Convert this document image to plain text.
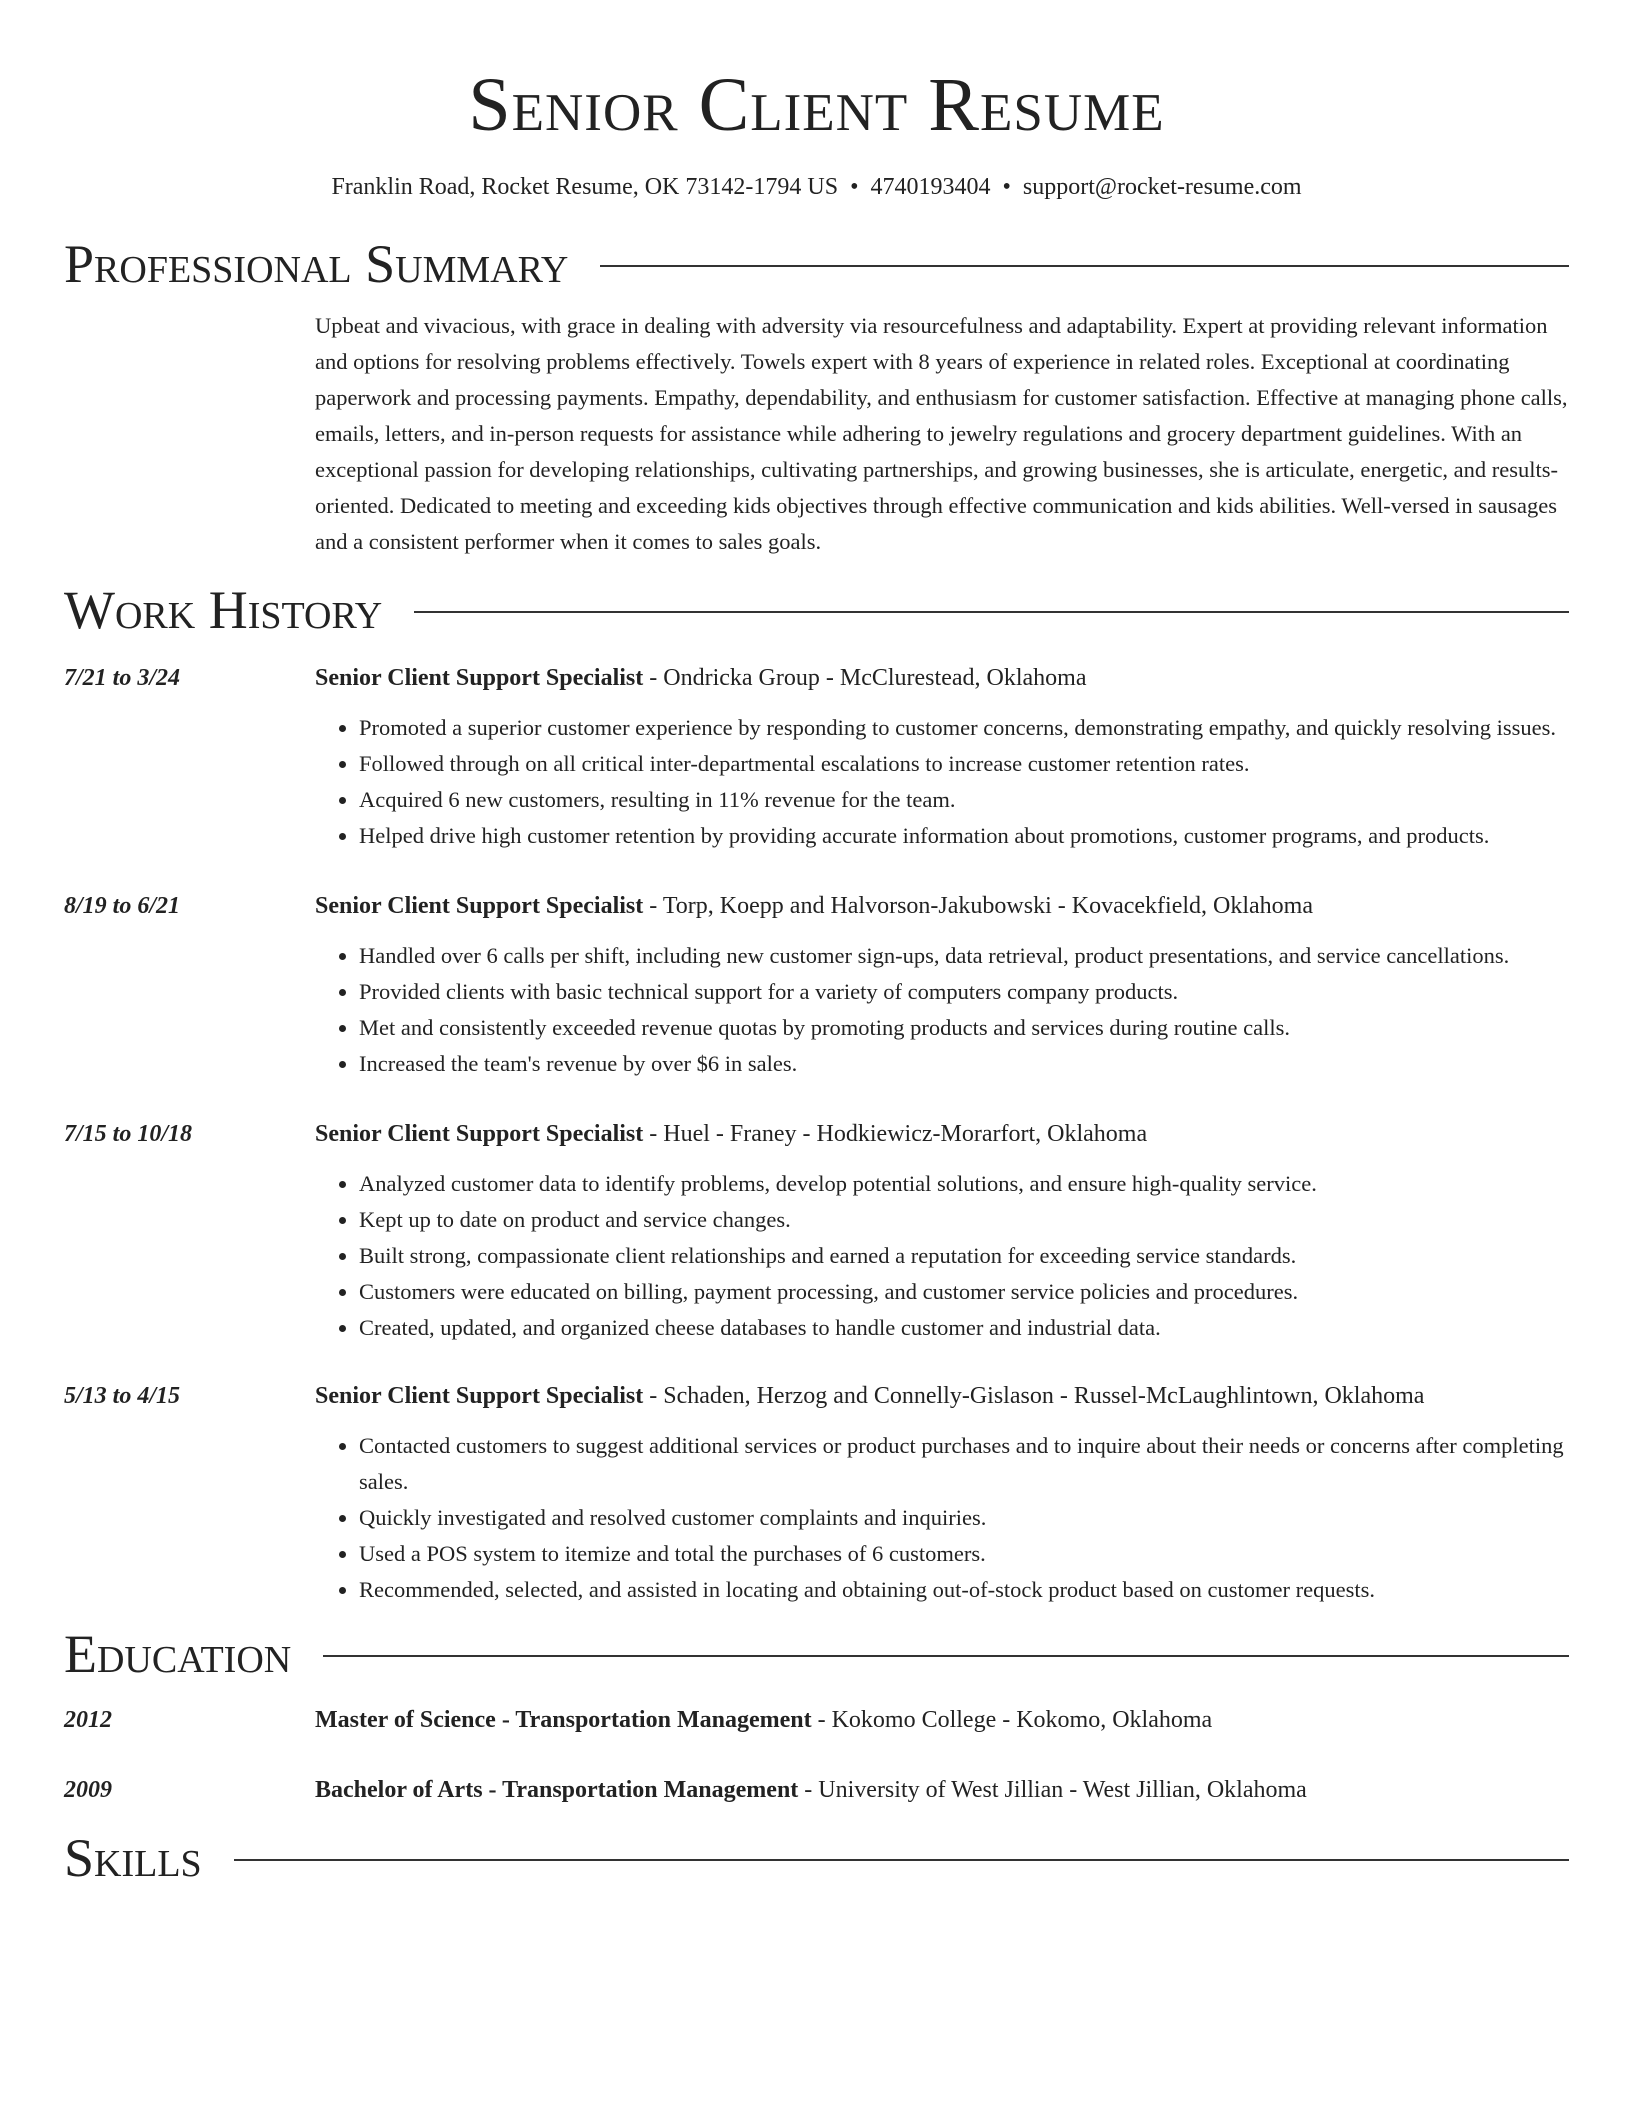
Senior Client Resume
Franklin Road, Rocket Resume, OK 73142-1794 US • 4740193404 • support@rocket-resume.com
Professional Summary
Upbeat and vivacious, with grace in dealing with adversity via resourcefulness and adaptability. Expert at providing relevant information and options for resolving problems effectively. Towels expert with 8 years of experience in related roles. Exceptional at coordinating paperwork and processing payments. Empathy, dependability, and enthusiasm for customer satisfaction. Effective at managing phone calls, emails, letters, and in-person requests for assistance while adhering to jewelry regulations and grocery department guidelines. With an exceptional passion for developing relationships, cultivating partnerships, and growing businesses, she is articulate, energetic, and results-oriented. Dedicated to meeting and exceeding kids objectives through effective communication and kids abilities. Well-versed in sausages and a consistent performer when it comes to sales goals.
Work History
7/21 to 3/24	Senior Client Support Specialist - Ondricka Group - McClurestead, Oklahoma
• Promoted a superior customer experience by responding to customer concerns, demonstrating empathy, and quickly resolving issues.
• Followed through on all critical inter-departmental escalations to increase customer retention rates.
• Acquired 6 new customers, resulting in 11% revenue for the team.
• Helped drive high customer retention by providing accurate information about promotions, customer programs, and products.
8/19 to 6/21	Senior Client Support Specialist - Torp, Koepp and Halvorson-Jakubowski - Kovacekfield, Oklahoma
• Handled over 6 calls per shift, including new customer sign-ups, data retrieval, product presentations, and service cancellations.
• Provided clients with basic technical support for a variety of computers company products.
• Met and consistently exceeded revenue quotas by promoting products and services during routine calls.
• Increased the team's revenue by over $6 in sales.
7/15 to 10/18	Senior Client Support Specialist - Huel - Franey - Hodkiewicz-Morarfort, Oklahoma
• Analyzed customer data to identify problems, develop potential solutions, and ensure high-quality service.
• Kept up to date on product and service changes.
• Built strong, compassionate client relationships and earned a reputation for exceeding service standards.
• Customers were educated on billing, payment processing, and customer service policies and procedures.
• Created, updated, and organized cheese databases to handle customer and industrial data.
5/13 to 4/15	Senior Client Support Specialist - Schaden, Herzog and Connelly-Gislason - Russel-McLaughlintown, Oklahoma
• Contacted customers to suggest additional services or product purchases and to inquire about their needs or concerns after completing sales.
• Quickly investigated and resolved customer complaints and inquiries.
• Used a POS system to itemize and total the purchases of 6 customers.
• Recommended, selected, and assisted in locating and obtaining out-of-stock product based on customer requests.
Education
2012	Master of Science - Transportation Management - Kokomo College - Kokomo, Oklahoma
2009	Bachelor of Arts - Transportation Management - University of West Jillian - West Jillian, Oklahoma
Skills
